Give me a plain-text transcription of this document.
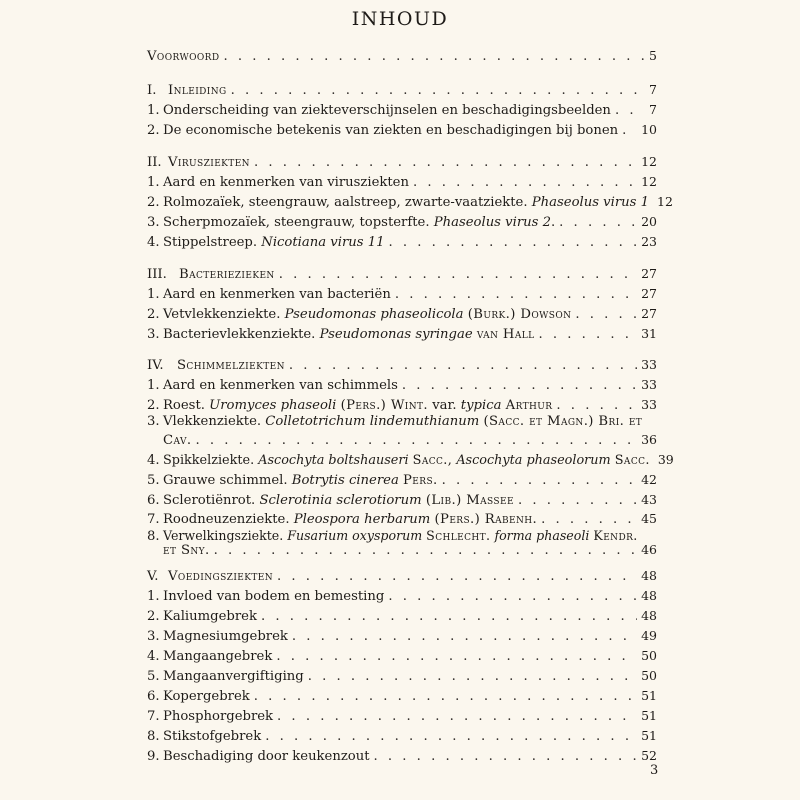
INHOUD
Voorwoord . . .	5
I. Inleiding . . .	7
1. Onderscheiding van ziekteverschijnselen en beschadigingsbeelden . . .	7
2. De economische betekenis van ziekten en beschadigingen bij bonen . . . 10
II. Virusziekten . . .	12
1. Aard en kenmerken van virusziekten . . .	12
2. Rolmozaïek, steengrauw, aalstreep, zwarte-vaatziekte. Phaseolus virus 1 12
3. Scherpmozaïek, steengrauw, topsterfte. Phaseolus virus 2. . . .	20
4. Stippelstreep. Nicotiana virus 11 . . .	23
III. Bacteriezieken . . .	27
1. Aard en kenmerken van bacteriën . . .	27
2. Vetvlekkenziekte. Pseudomonas phaseolicola (Burk.) Dowson . . .	27
3. Bacterievlekkenziekte. Pseudomonas syringae van Hall . . .	31
IV.	Schimmelziekten . . .	33
1. Aard en kenmerken van schimmels . . .	33
2. Roest. Uromyces phaseoli (Pers.) Wint. var. typica Arthur . . .	33
3. Vlekkenziekte. Colletotrichum lindemuthianum (Sacc. et Magn.) Bri. et
Cav. . . .	36
4. Spikkelziekte. Ascochyta boltshauseri Sacc., Ascochyta phaseolorum Sacc. 39
5. Grauwe schimmel. Botrytis cinerea Pers. . . .	42
6. Sclerotiënrot. Sclerotinia sclerotiorum (Lib.) Massee . . .	43
7. Roodneuzenziekte. Pleospora herbarum (Pers.) Rabenh. . . .	45
8. Verwelkingsziekte. Fusarium oxysporum Schlecht. forma phaseoli Kendr.
et Sny. . . .	46
V. Voedingsziekten . . .	48
1. Invloed van bodem en bemesting . . .	48
2. Kaliumgebrek . . .	48
3. Magnesiumgebrek . . .	49
4. Mangaangebrek . . .	50
5. Mangaanvergiftiging . . .	50
6. Kopergebrek . . .	51
7. Phosphorgebrek . . .	51
8. Stikstofgebrek . . .	51
9. Beschadiging door keukenzout . . .	52
3
